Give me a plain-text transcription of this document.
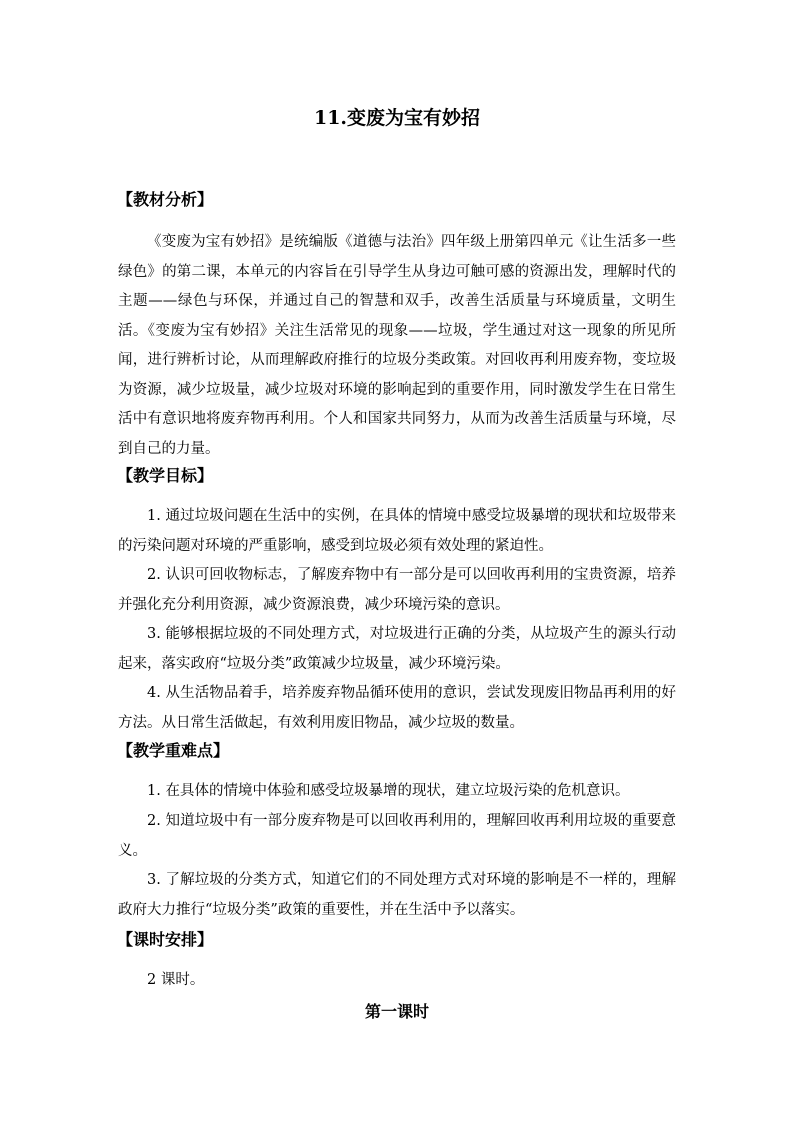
11.变废为宝有妙招
【教材分析】

《变废为宝有妙招》是统编版《道德与法治》四年级上册第四单元《让生活多一些绿色》的第二课，本单元的内容旨在引导学生从身边可触可感的资源出发，理解时代的主题——绿色与环保，并通过自己的智慧和双手，改善生活质量与环境质量，文明生活。《变废为宝有妙招》关注生活常见的现象——垃圾，学生通过对这一现象的所见所闻，进行辨析讨论，从而理解政府推行的垃圾分类政策。对回收再利用废弃物，变垃圾为资源，减少垃圾量，减少垃圾对环境的影响起到的重要作用，同时激发学生在日常生活中有意识地将废弃物再利用。个人和国家共同努力，从而为改善生活质量与环境，尽到自己的力量。

【教学目标】

1. 通过垃圾问题在生活中的实例，在具体的情境中感受垃圾暴增的现状和垃圾带来的污染问题对环境的严重影响，感受到垃圾必须有效处理的紧迫性。

2. 认识可回收物标志，了解废弃物中有一部分是可以回收再利用的宝贵资源，培养并强化充分利用资源，减少资源浪费，减少环境污染的意识。

3. 能够根据垃圾的不同处理方式，对垃圾进行正确的分类，从垃圾产生的源头行动起来，落实政府“垃圾分类”政策减少垃圾量，减少环境污染。

4. 从生活物品着手，培养废弃物品循环使用的意识，尝试发现废旧物品再利用的好方法。从日常生活做起，有效利用废旧物品，减少垃圾的数量。

【教学重难点】

1. 在具体的情境中体验和感受垃圾暴增的现状，建立垃圾污染的危机意识。

2. 知道垃圾中有一部分废弃物是可以回收再利用的，理解回收再利用垃圾的重要意义。

3. 了解垃圾的分类方式，知道它们的不同处理方式对环境的影响是不一样的，理解政府大力推行“垃圾分类”政策的重要性，并在生活中予以落实。

【课时安排】

2 课时。

第一课时
